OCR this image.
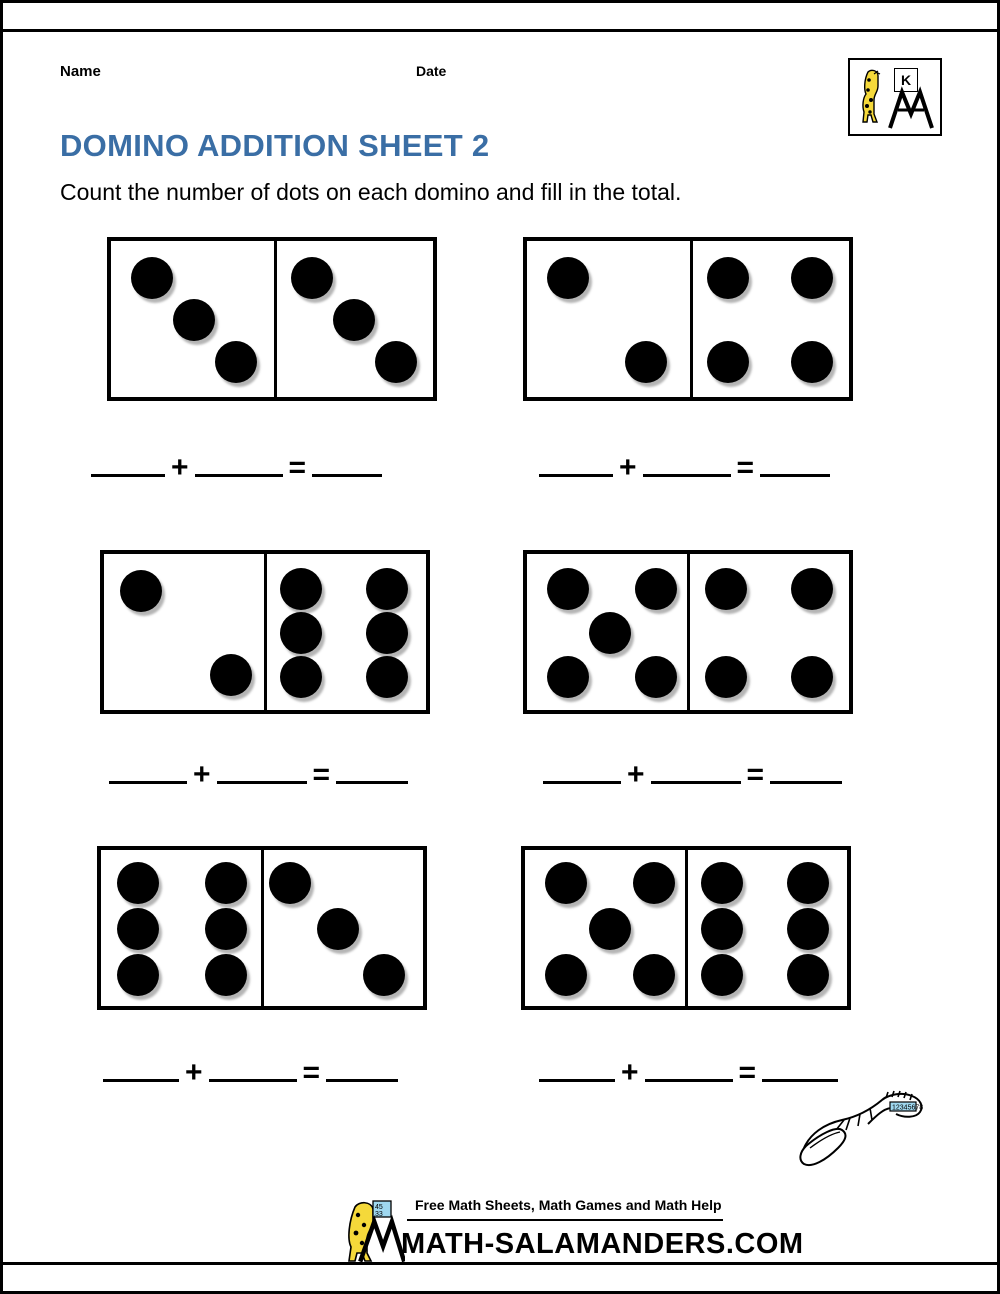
Name	Date
K
DOMINO ADDITION SHEET 2
Count the number of dots on each domino and fill in the total.
+	=	+	=
+	=	+	=
+	=	+	=
12345678
Free Math Sheets, Math Games and Math Help
MATH-SALAMANDERS.COM
45
33
